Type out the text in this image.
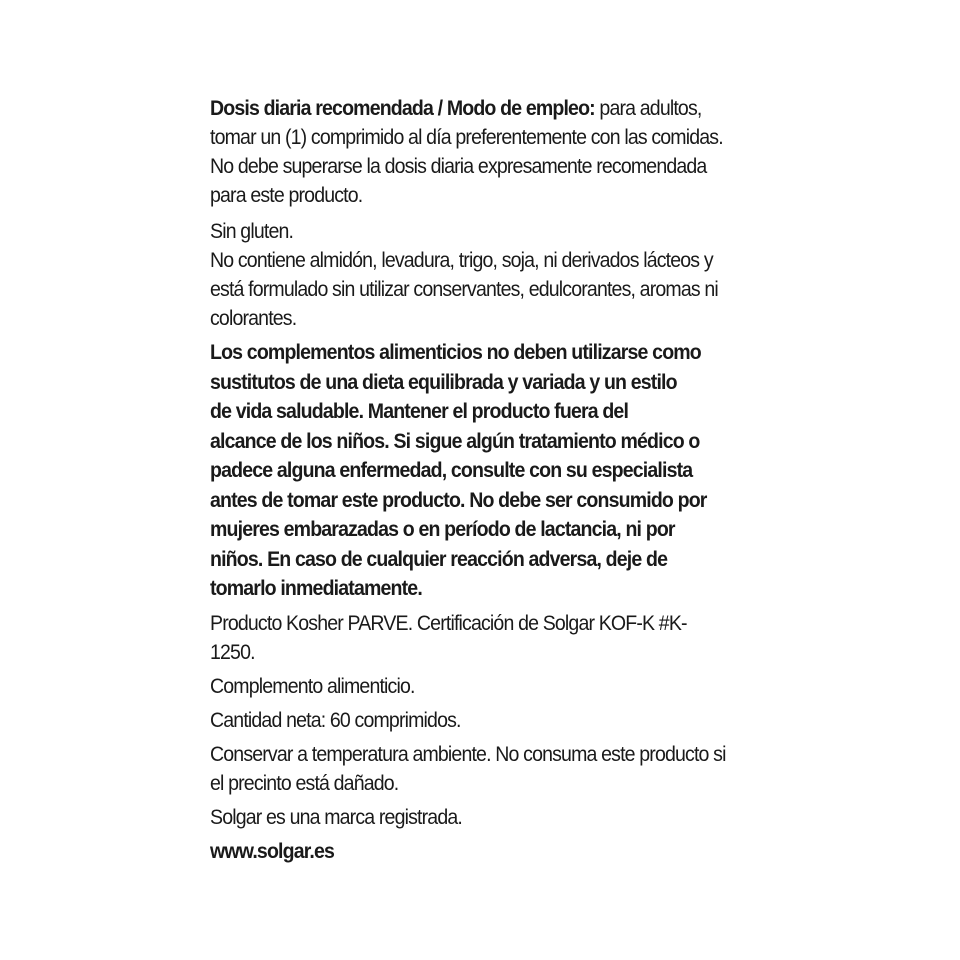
Dosis diaria recomendada / Modo de empleo: para adultos,
tomar un (1) comprimido al día preferentemente con las comidas.
No debe superarse la dosis diaria expresamente recomendada
para este producto.

Sin gluten.
No contiene almidón, levadura, trigo, soja, ni derivados lácteos y
está formulado sin utilizar conservantes, edulcorantes, aromas ni
colorantes.

Los complementos alimenticios no deben utilizarse como
sustitutos de una dieta equilibrada y variada y un estilo
de vida saludable. Mantener el producto fuera del
alcance de los niños. Si sigue algún tratamiento médico o
padece alguna enfermedad, consulte con su especialista
antes de tomar este producto. No debe ser consumido por
mujeres embarazadas o en período de lactancia, ni por
niños. En caso de cualquier reacción adversa, deje de
tomarlo inmediatamente.

Producto Kosher PARVE. Certificación de Solgar KOF-K #K-1250.

Complemento alimenticio.

Cantidad neta: 60 comprimidos.

Conservar a temperatura ambiente. No consuma este producto si
el precinto está dañado.

Solgar es una marca registrada.

www.solgar.es
